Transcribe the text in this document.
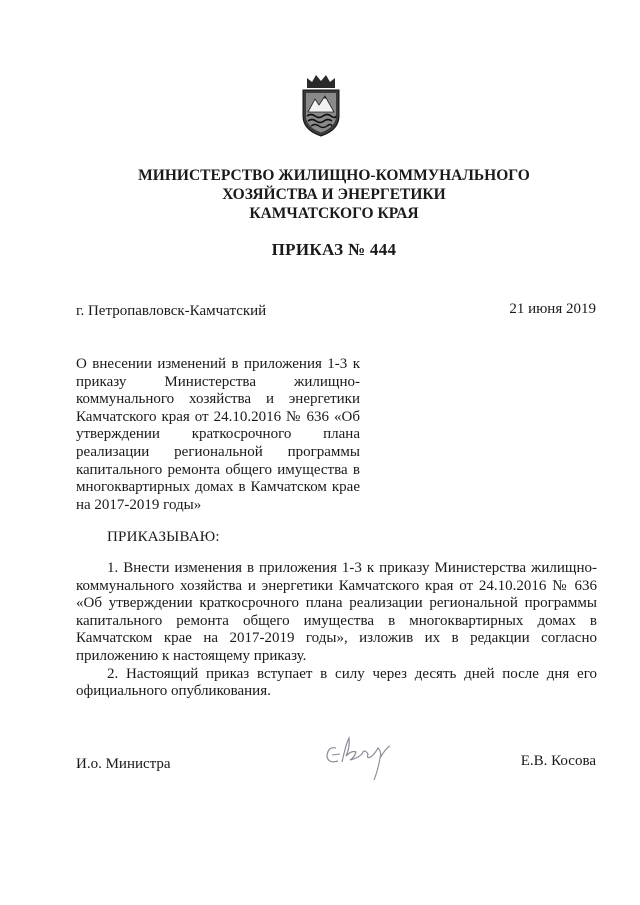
МИНИСТЕРСТВО ЖИЛИЩНО-КОММУНАЛЬНОГО
ХОЗЯЙСТВА И ЭНЕРГЕТИКИ
КАМЧАТСКОГО КРАЯ
ПРИКАЗ № 444
г. Петропавловск-Камчатский	21 июня 2019
О внесении изменений в приложения 1-3 к приказу Министерства жилищно-коммунального хозяйства и энергетики Камчатского края от 24.10.2016 № 636 «Об утверждении краткосрочного плана реализации региональной программы капитального ремонта общего имущества в многоквартирных домах в Камчатском крае на 2017-2019 годы»
ПРИКАЗЫВАЮ:

1. Внести изменения в приложения 1-3 к приказу Министерства жилищно-коммунального хозяйства и энергетики Камчатского края от 24.10.2016 № 636 «Об утверждении краткосрочного плана реализации региональной программы капитального ремонта общего имущества в многоквартирных домах в Камчатском крае на 2017-2019 годы», изложив их в редакции согласно приложению к настоящему приказу.

2. Настоящий приказ вступает в силу через десять дней после дня его официального опубликования.

И.о. Министра	Е.В. Косова
